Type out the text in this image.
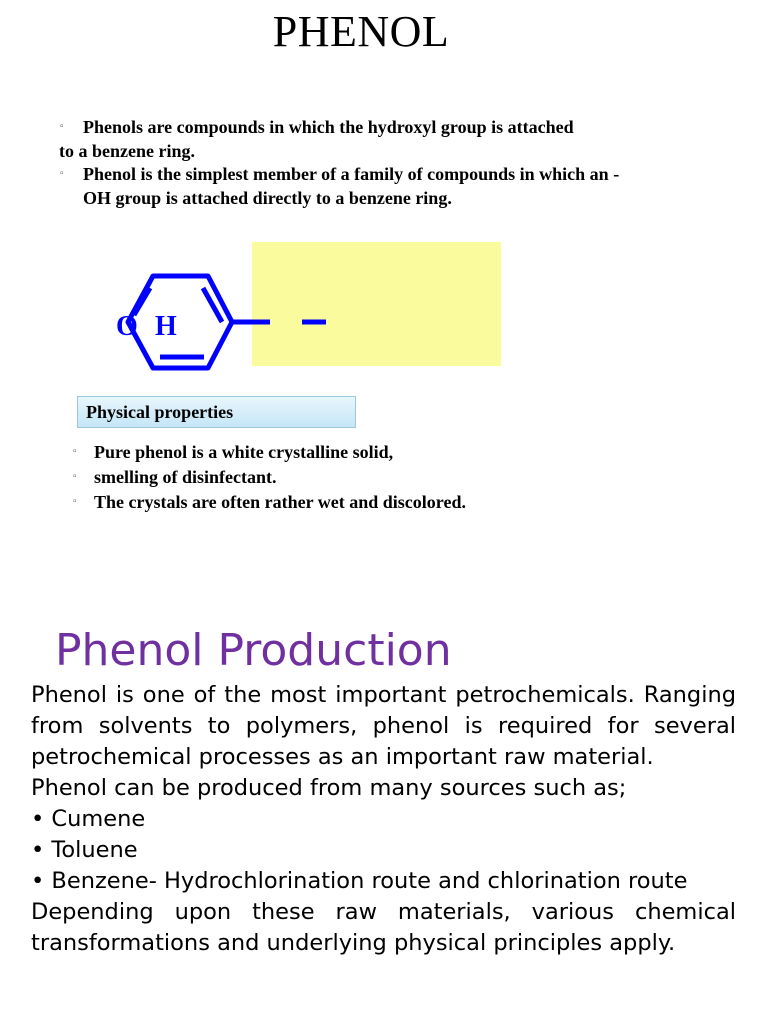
PHENOL
▫ Phenols are compounds in which the hydroxyl group is attached
to a benzene ring.
▫ Phenol is the simplest member of a family of compounds in which an -
OH group is attached directly to a benzene ring.
O H
Physical properties
▫ Pure phenol is a white crystalline solid,
▫ smelling of disinfectant.
▫ The crystals are often rather wet and discolored.
Phenol Production
Phenol is one of the most important petrochemicals. Ranging
from solvents to polymers, phenol is required for several
petrochemical processes as an important raw material.
Phenol can be produced from many sources such as;
• Cumene
• Toluene
• Benzene- Hydrochlorination route and chlorination route
Depending upon these raw materials, various chemical
transformations and underlying physical principles apply.
